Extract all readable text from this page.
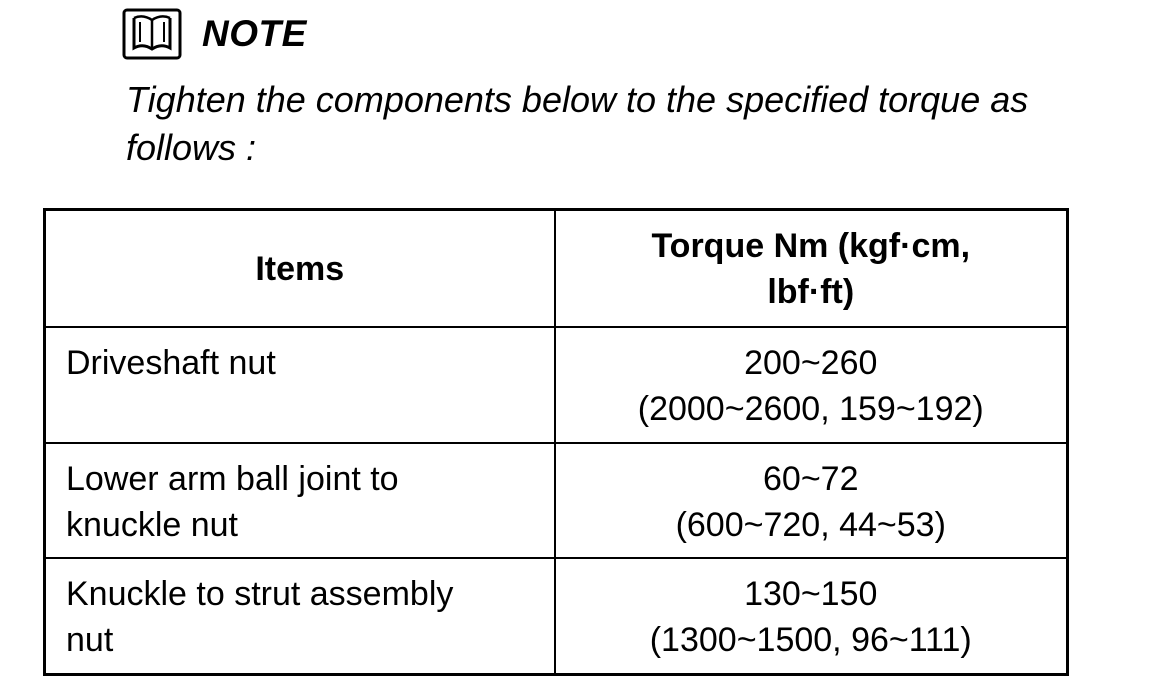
NOTE

Tighten the components below to the specified torque as follows :

Items	Torque Nm (kgf·cm,
lbf·ft)

Driveshaft nut	200~260
(2000~2600, 159~192)

Lower arm ball joint to
knuckle nut	60~72
(600~720, 44~53)

Knuckle to strut assembly
nut	130~150
(1300~1500, 96~111)
